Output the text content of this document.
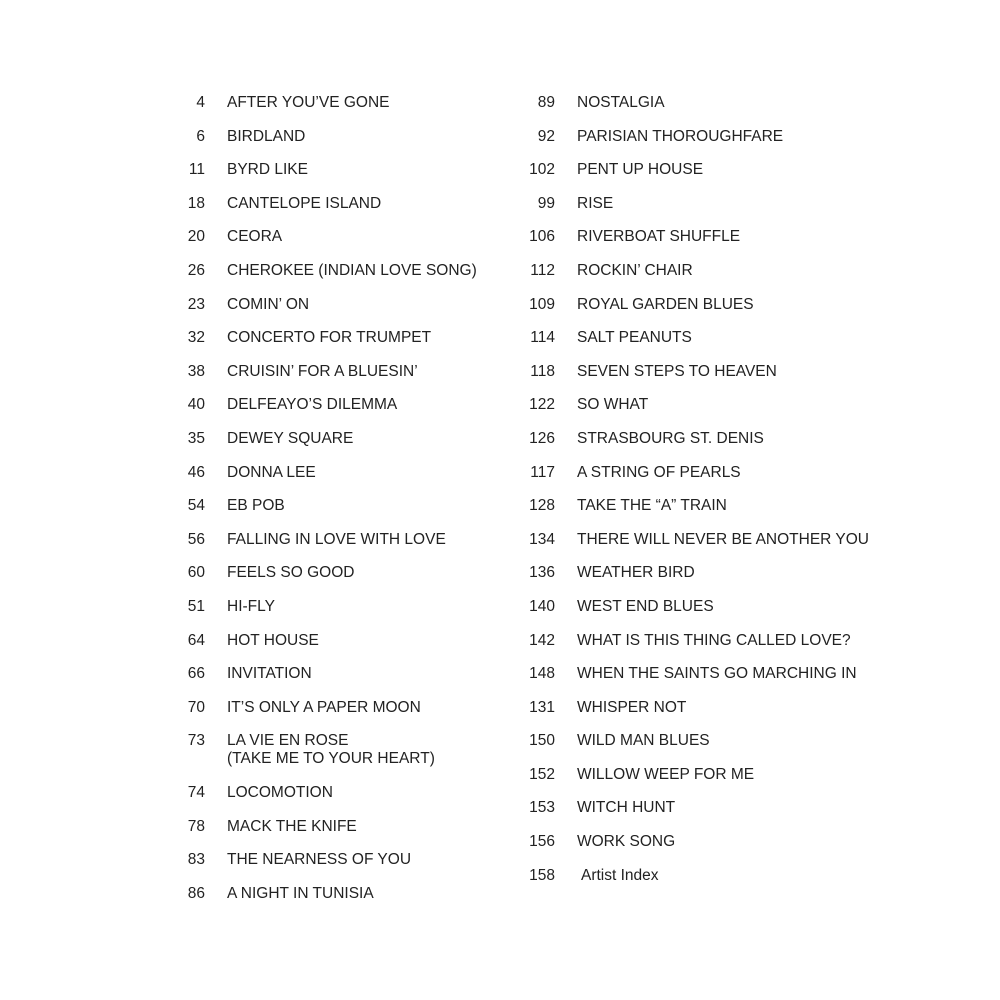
4 AFTER YOU’VE GONE
6 BIRDLAND
11 BYRD LIKE
18 CANTELOPE ISLAND
20 CEORA
26 CHEROKEE (INDIAN LOVE SONG)
23 COMIN’ ON
32 CONCERTO FOR TRUMPET
38 CRUISIN’ FOR A BLUESIN’
40 DELFEAYO’S DILEMMA
35 DEWEY SQUARE
46 DONNA LEE
54 EB POB
56 FALLING IN LOVE WITH LOVE
60 FEELS SO GOOD
51 HI-FLY
64 HOT HOUSE
66 INVITATION
70 IT’S ONLY A PAPER MOON
73 LA VIE EN ROSE
(TAKE ME TO YOUR HEART)
74 LOCOMOTION
78 MACK THE KNIFE
83 THE NEARNESS OF YOU
86 A NIGHT IN TUNISIA
89 NOSTALGIA
92 PARISIAN THOROUGHFARE
102 PENT UP HOUSE
99 RISE
106 RIVERBOAT SHUFFLE
112 ROCKIN’ CHAIR
109 ROYAL GARDEN BLUES
114 SALT PEANUTS
118 SEVEN STEPS TO HEAVEN
122 SO WHAT
126 STRASBOURG ST. DENIS
117 A STRING OF PEARLS
128 TAKE THE “A” TRAIN
134 THERE WILL NEVER BE ANOTHER YOU
136 WEATHER BIRD
140 WEST END BLUES
142 WHAT IS THIS THING CALLED LOVE?
148 WHEN THE SAINTS GO MARCHING IN
131 WHISPER NOT
150 WILD MAN BLUES
152 WILLOW WEEP FOR ME
153 WITCH HUNT
156 WORK SONG
158 Artist Index
